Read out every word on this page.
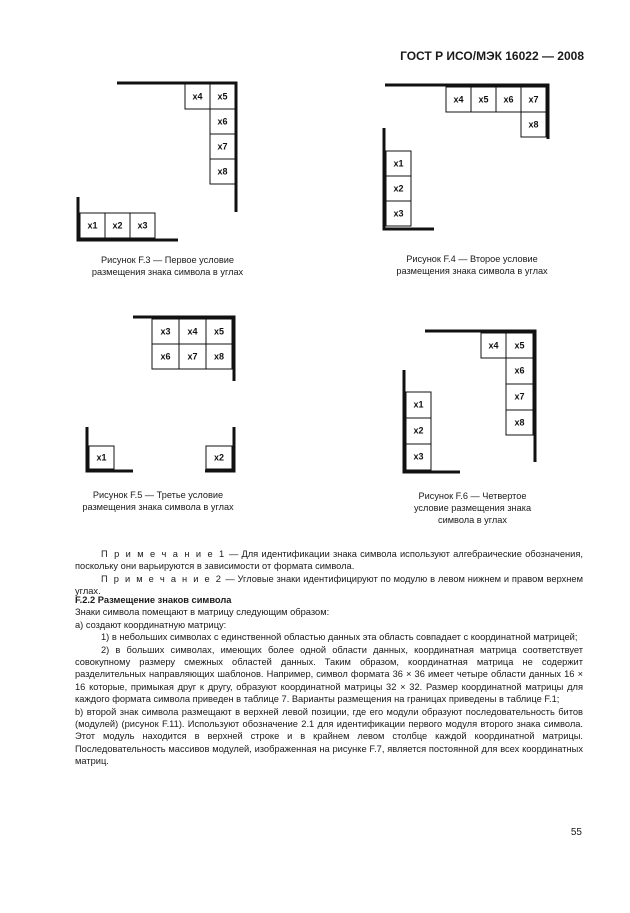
ГОСТ Р ИСО/МЭК 16022 — 2008
x4 x5
x6
x7
x8
x1 x2 x3
x4 x5 x6 x7
x8
x1
x2
x3
x3 x4 x5
x6 x7 x8
x1	x2
x4 x5
x6
x7
x8
x1
x2
x3
Рисунок F.3 — Первое условие размещения знака символа в углах
Рисунок F.4 — Второе условие размещения знака символа в углах
Рисунок F.5 — Третье условие размещения знака символа в углах
Рисунок F.6 — Четвертое условие размещения знака символа в углах

П р и м е ч а н и е 1 — Для идентификации знака символа используют алгебраические обозначения, поскольку они варьируются в зависимости от формата символа.

П р и м е ч а н и е 2 — Угловые знаки идентифицируют по модулю в левом нижнем и правом верхнем углах.

F.2.2 Размещение знаков символа

Знаки символа помещают в матрицу следующим образом:

а) создают координатную матрицу:

1) в небольших символах с единственной областью данных эта область совпадает с координатной матрицей;

2) в больших символах, имеющих более одной области данных, координатная матрица соответствует совокупному размеру смежных областей данных. Таким образом, координатная матрица не содержит разделительных направляющих шаблонов. Например, символ формата 36 × 36 имеет четыре области данных 16 × 16 которые, примыкая друг к другу, образуют координатной матрицы 32 × 32. Размер координатной матрицы для каждого формата символа приведен в таблице 7. Варианты размещения на границах приведены в таблице F.1;

b) второй знак символа размещают в верхней левой позиции, где его модули образуют последовательность битов (модулей) (рисунок F.11). Используют обозначение 2.1 для идентификации первого модуля второго знака символа. Этот модуль находится в верхней строке и в крайнем левом столбце каждой координатной матрицы. Последовательность массивов модулей, изображенная на рисунке F.7, является постоянной для всех координатных матриц.

55
